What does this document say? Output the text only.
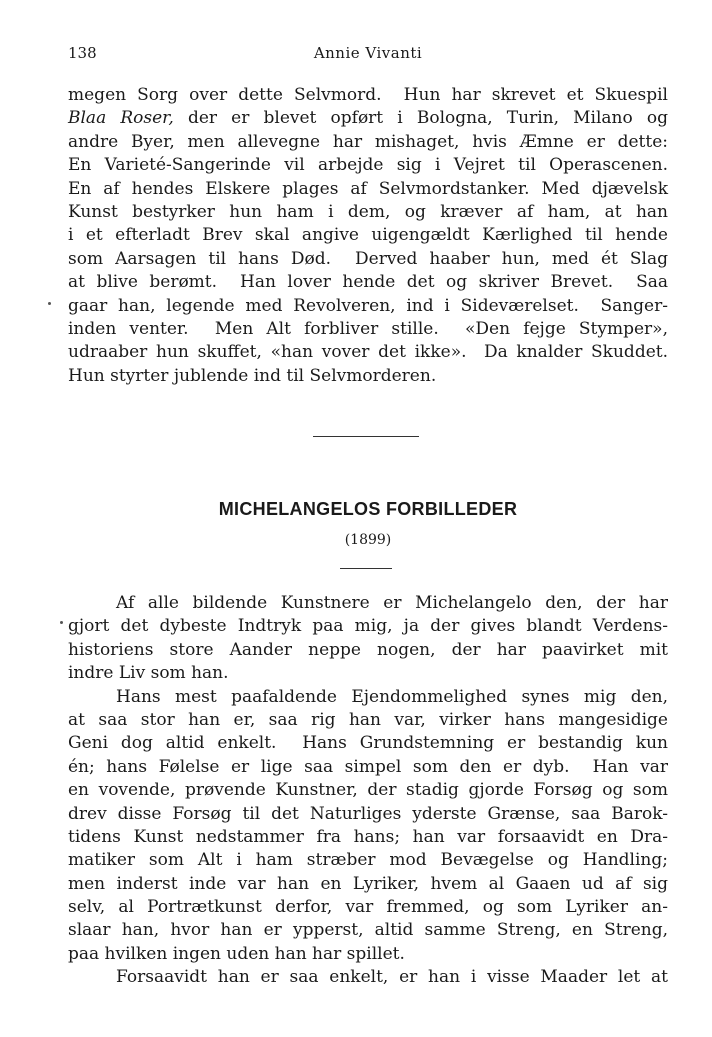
138	Annie Vivanti
megen Sorg over dette Selvmord.  Hun har skrevet et Skuespil
Blaa Roser, der er blevet opført i Bologna, Turin, Milano og
andre Byer, men allevegne har mishaget, hvis Æmne er dette:
En Varieté-Sangerinde vil arbejde sig i Vejret til Operascenen.
En af hendes Elskere plages af Selvmordstanker. Med djævelsk
Kunst bestyrker hun ham i dem, og kræver af ham, at han
i et efterladt Brev skal angive uigengældt Kærlighed til hende
som Aarsagen til hans Død.  Derved haaber hun, med ét Slag
at blive berømt.  Han lover hende det og skriver Brevet.  Saa
gaar han, legende med Revolveren, ind i Sideværelset.  Sanger-
inden venter.  Men Alt forbliver stille.  «Den fejge Stymper»,
udraaber hun skuffet, «han vover det ikke».  Da knalder Skuddet.
Hun styrter jublende ind til Selvmorderen.
MICHELANGELOS FORBILLEDER
(1899)
Af alle bildende Kunstnere er Michelangelo den, der har
gjort det dybeste Indtryk paa mig, ja der gives blandt Verdens-
historiens store Aander neppe nogen, der har paavirket mit
indre Liv som han.
Hans mest paafaldende Ejendommelighed synes mig den,
at saa stor han er, saa rig han var, virker hans mangesidige
Geni dog altid enkelt.  Hans Grundstemning er bestandig kun
én; hans Følelse er lige saa simpel som den er dyb.  Han var
en vovende, prøvende Kunstner, der stadig gjorde Forsøg og som
drev disse Forsøg til det Naturliges yderste Grænse, saa Barok-
tidens Kunst nedstammer fra hans; han var forsaavidt en Dra-
matiker som Alt i ham stræber mod Bevægelse og Handling;
men inderst inde var han en Lyriker, hvem al Gaaen ud af sig
selv, al Portrætkunst derfor, var fremmed, og som Lyriker an-
slaar han, hvor han er ypperst, altid samme Streng, en Streng,
paa hvilken ingen uden han har spillet.
Forsaavidt han er saa enkelt, er han i visse Maader let at
